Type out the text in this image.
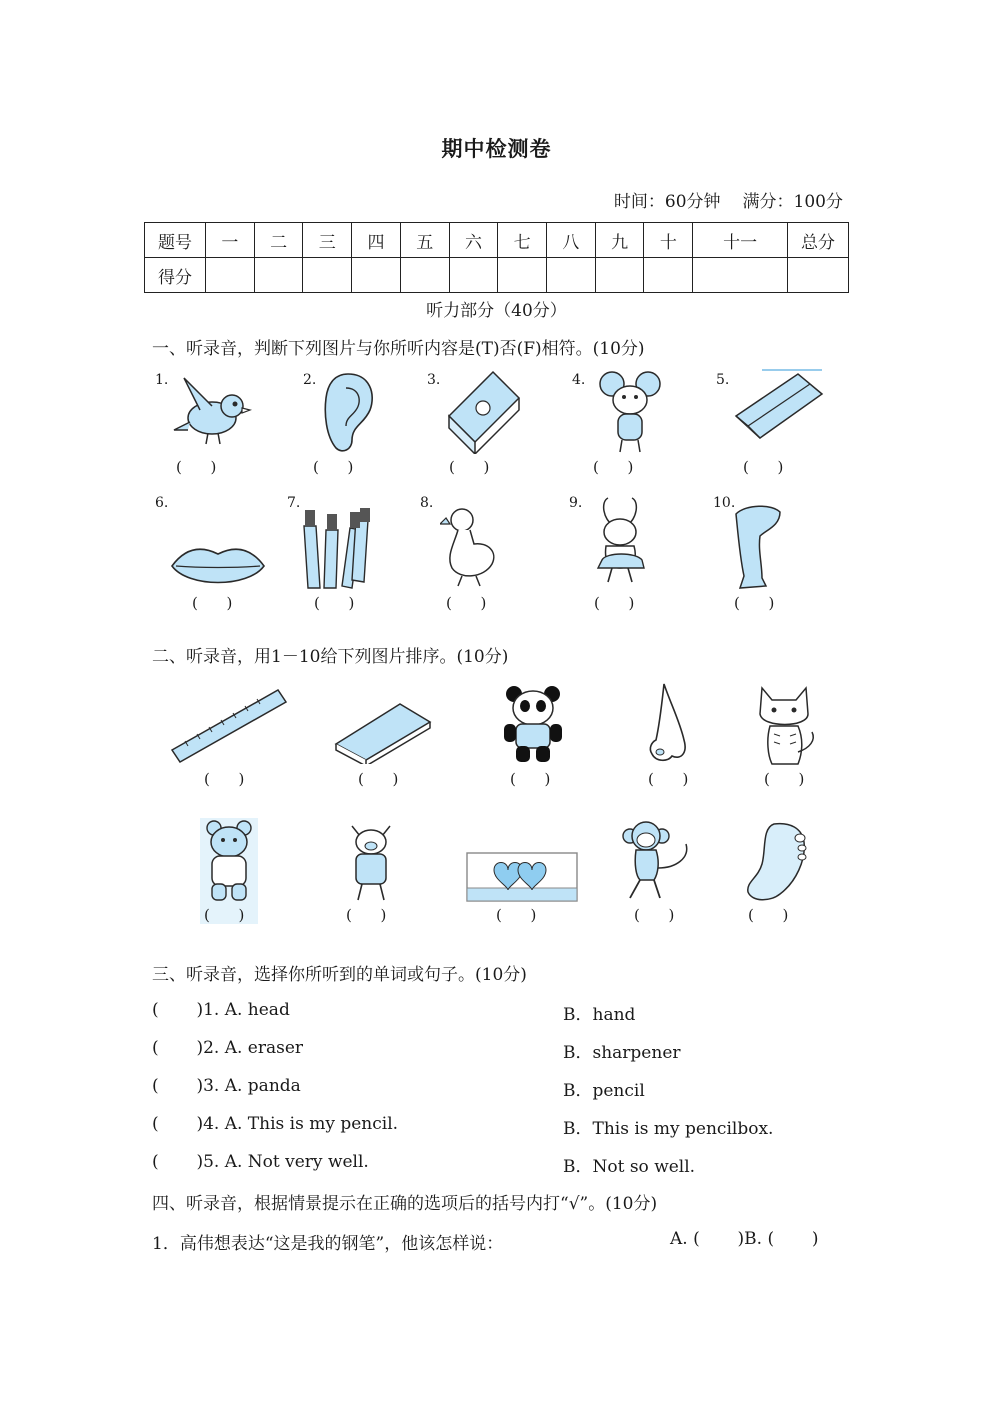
期中检测卷
时间：60分钟 满分：100分
题号	一	二	三	四	五	六	七	八	九	十	十一	总分
得分												
听力部分（40分）
一、听录音，判断下列图片与你所听内容是(T)否(F)相符。(10分)
1.
(      )
2.
(      )
3.
(      )
4.
(      )
5.
(      )
6.
(      )
7.
(      )
8.
(      )
9.
(      )
10.
(      )
二、听录音，用1－10给下列图片排序。(10分)
(      )	(      )	(      )	(      )	(      )
(      )	(      )	(      )	(      )	(      )
三、听录音，选择你所听到的单词或句子。(10分)
(       )1. A. head	B．hand
(       )2. A. eraser	B．sharpener
(       )3. A. panda	B．pencil
(       )4. A. This is my pencil.	B．This is my pencilbox.
(       )5. A. Not very well.	B．Not so well.
四、听录音，根据情景提示在正确的选项后的括号内打“√”。(10分)
1．高伟想表达“这是我的钢笔”，他该怎样说：	A. (       )B. (       )
